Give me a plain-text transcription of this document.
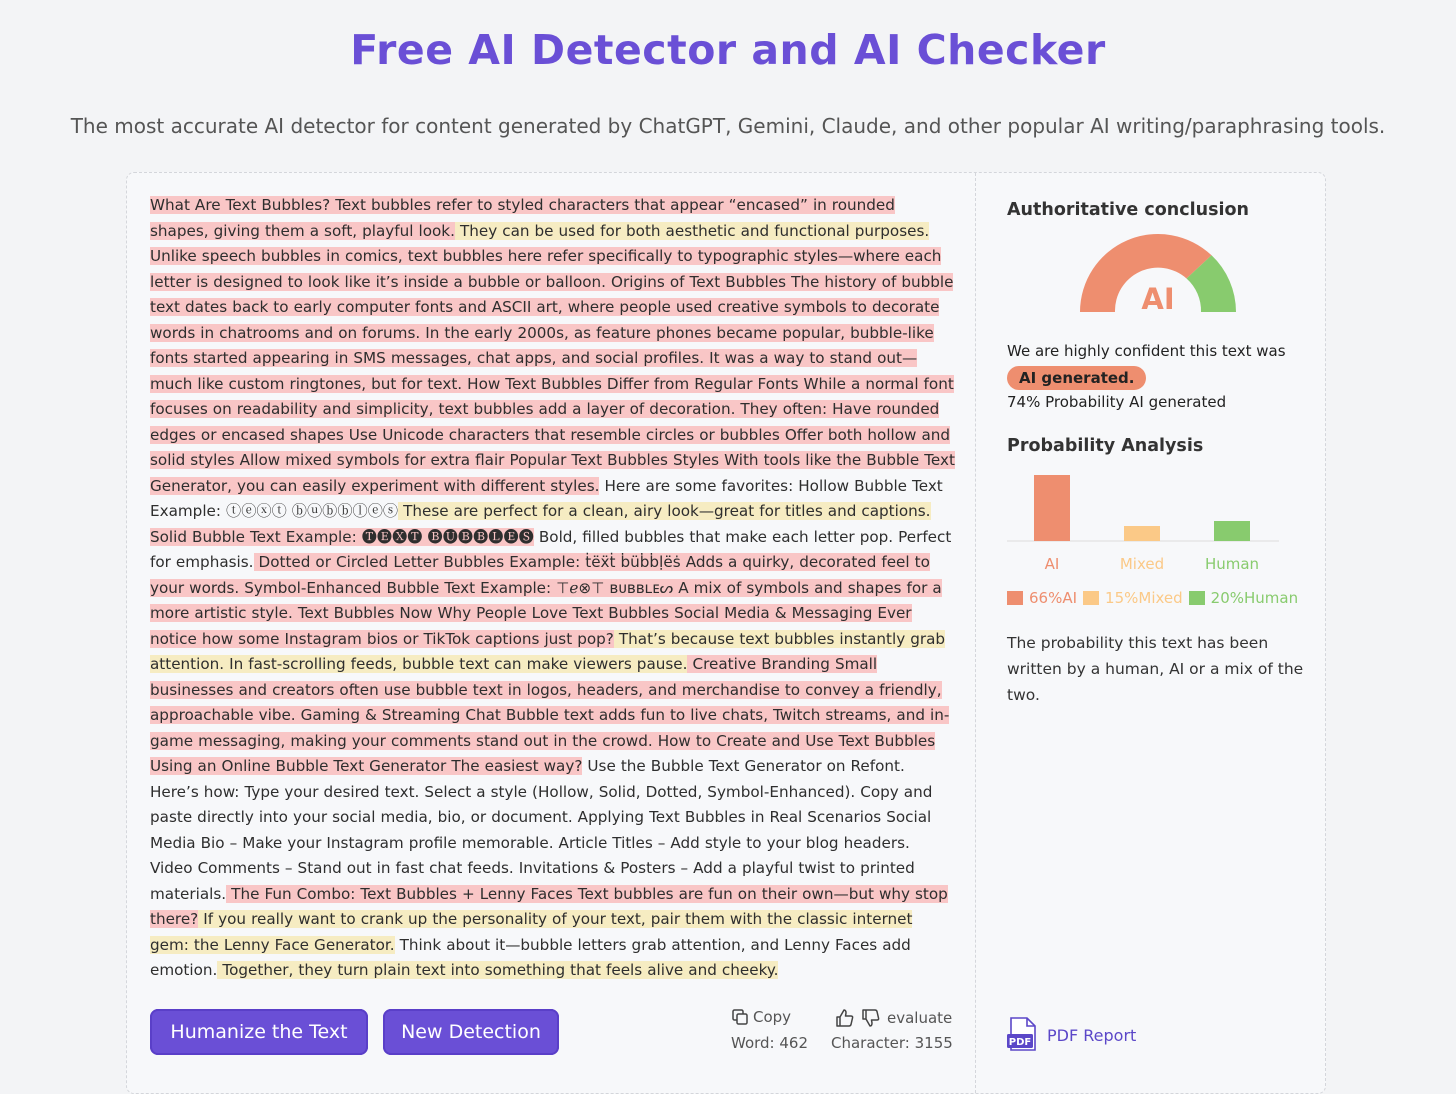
Free AI Detector and AI Checker
The most accurate AI detector for content generated by ChatGPT, Gemini, Claude, and other popular AI writing/paraphrasing tools.
What Are Text Bubbles? Text bubbles refer to styled characters that appear “encased” in rounded shapes, giving them a soft, playful look. They can be used for both aesthetic and functional purposes. Unlike speech bubbles in comics, text bubbles here refer specifically to typographic styles—where each letter is designed to look like it’s inside a bubble or balloon. Origins of Text Bubbles The history of bubble text dates back to early computer fonts and ASCII art, where people used creative symbols to decorate words in chatrooms and on forums. In the early 2000s, as feature phones became popular, bubble-like fonts started appearing in SMS messages, chat apps, and social profiles. It was a way to stand out—much like custom ringtones, but for text. How Text Bubbles Differ from Regular Fonts While a normal font focuses on readability and simplicity, text bubbles add a layer of decoration. They often: Have rounded edges or encased shapes Use Unicode characters that resemble circles or bubbles Offer both hollow and solid styles Allow mixed symbols for extra flair Popular Text Bubbles Styles With tools like the Bubble Text Generator, you can easily experiment with different styles. Here are some favorites: Hollow Bubble Text Example: ⓣⓔⓧⓣ ⓑⓤⓑⓑⓛⓔⓢ These are perfect for a clean, airy look—great for titles and captions. Solid Bubble Text Example: 🅣🅔🅧🅣 🅑🅤🅑🅑🅛🅔🅢 Bold, filled bubbles that make each letter pop. Perfect for emphasis. Dotted or Circled Letter Bubbles Example: ṫëẍṫ ḃüḃḃḷëṡ Adds a quirky, decorated feel to your words. Symbol-Enhanced Bubble Text Example: ⊤ℯ⊗⊤ ʙᴜʙʙʟᴇᔕ A mix of symbols and shapes for a more artistic style. Text Bubbles Now Why People Love Text Bubbles Social Media & Messaging Ever notice how some Instagram bios or TikTok captions just pop? That’s because text bubbles instantly grab attention. In fast-scrolling feeds, bubble text can make viewers pause. Creative Branding Small businesses and creators often use bubble text in logos, headers, and merchandise to convey a friendly, approachable vibe. Gaming & Streaming Chat Bubble text adds fun to live chats, Twitch streams, and in-game messaging, making your comments stand out in the crowd. How to Create and Use Text Bubbles Using an Online Bubble Text Generator The easiest way? Use the Bubble Text Generator on Refont. Here’s how: Type your desired text. Select a style (Hollow, Solid, Dotted, Symbol-Enhanced). Copy and paste directly into your social media, bio, or document. Applying Text Bubbles in Real Scenarios Social Media Bio – Make your Instagram profile memorable. Article Titles – Add style to your blog headers. Video Comments – Stand out in fast chat feeds. Invitations & Posters – Add a playful twist to printed materials. The Fun Combo: Text Bubbles + Lenny Faces Text bubbles are fun on their own—but why stop there? If you really want to crank up the personality of your text, pair them with the classic internet gem: the Lenny Face Generator. Think about it—bubble letters grab attention, and Lenny Faces add emotion. Together, they turn plain text into something that feels alive and cheeky.
Humanize the Text	New Detection
Copy	evaluate
Word: 462 Character: 3155
Authoritative conclusion
AI
We are highly confident this text was
AI generated.
74% Probability AI generated
Probability Analysis
AI	Mixed	Human
66%AI 15%Mixed 20%Human
The probability this text has been written by a human, AI or a mix of the two.
PDF PDF Report
